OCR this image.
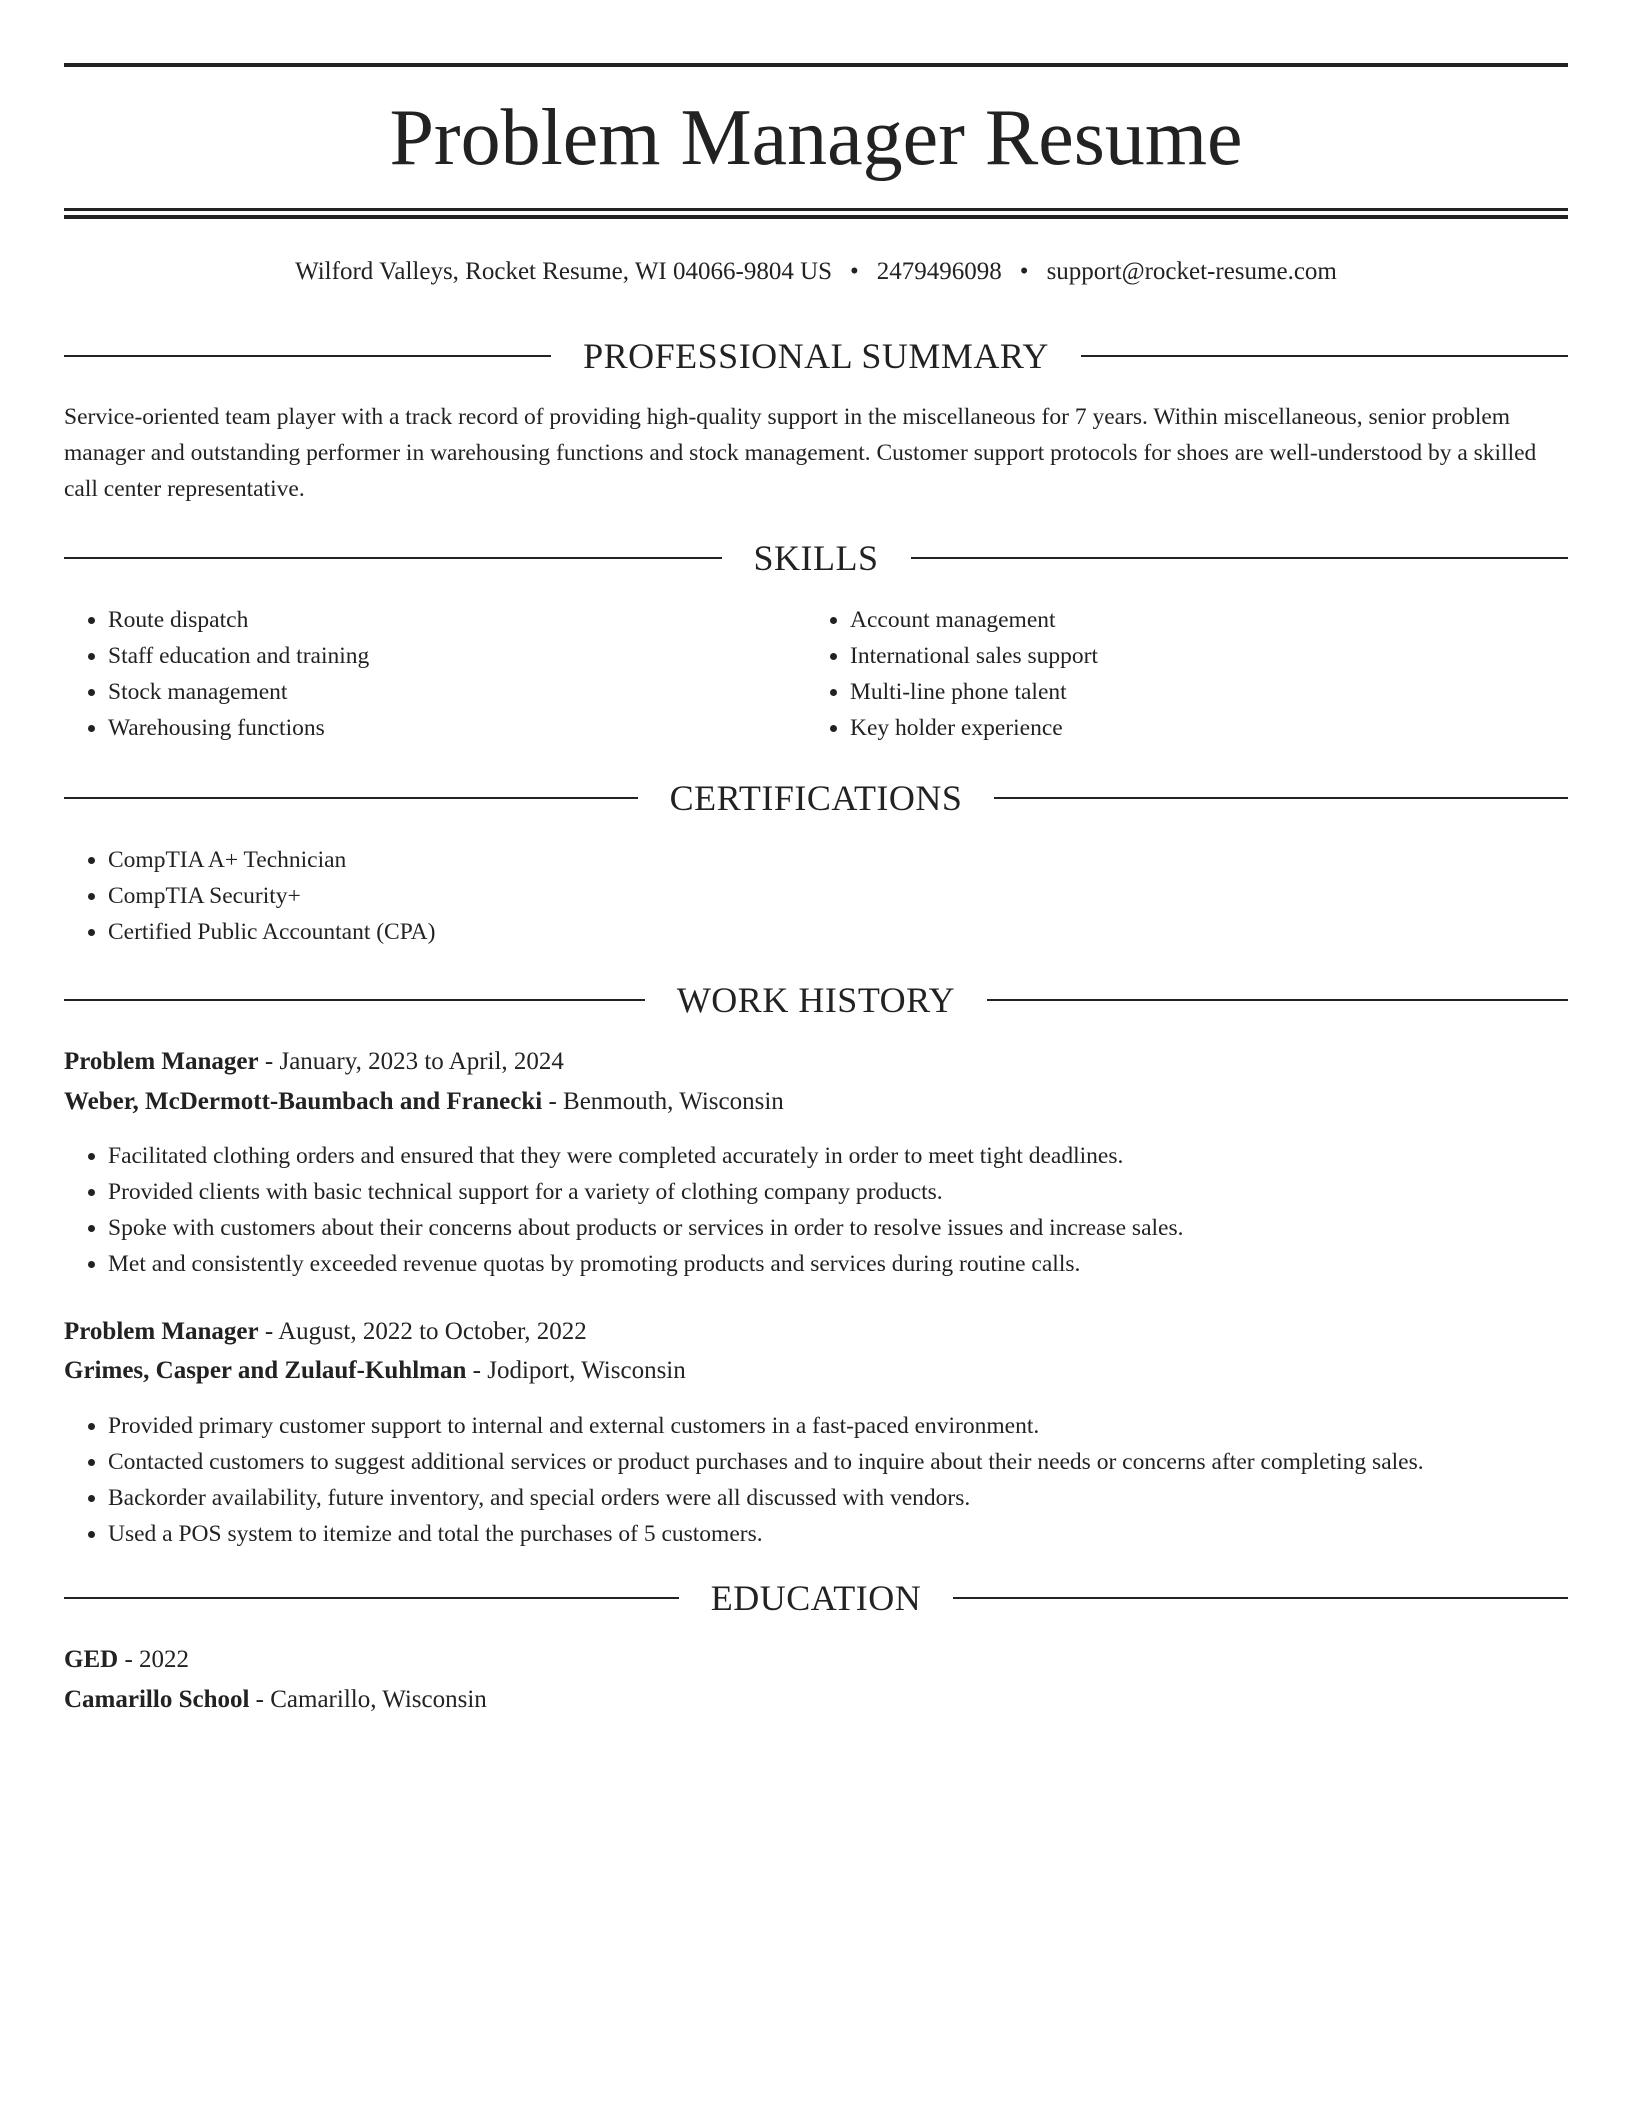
Problem Manager Resume
Wilford Valleys, Rocket Resume, WI 04066-9804 US • 2479496098 • support@rocket-resume.com
PROFESSIONAL SUMMARY

Service-oriented team player with a track record of providing high-quality support in the miscellaneous for 7 years. Within miscellaneous, senior problem manager and outstanding performer in warehousing functions and stock management. Customer support protocols for shoes are well-understood by a skilled call center representative.

SKILLS
• Route dispatch
• Staff education and training
• Stock management
• Warehousing functions
• Account management
• International sales support
• Multi-line phone talent
• Key holder experience
CERTIFICATIONS
• CompTIA A+ Technician
• CompTIA Security+
• Certified Public Accountant (CPA)
WORK HISTORY
Problem Manager - January, 2023 to April, 2024
Weber, McDermott-Baumbach and Franecki - Benmouth, Wisconsin
• Facilitated clothing orders and ensured that they were completed accurately in order to meet tight deadlines.
• Provided clients with basic technical support for a variety of clothing company products.
• Spoke with customers about their concerns about products or services in order to resolve issues and increase sales.
• Met and consistently exceeded revenue quotas by promoting products and services during routine calls.
Problem Manager - August, 2022 to October, 2022
Grimes, Casper and Zulauf-Kuhlman - Jodiport, Wisconsin
• Provided primary customer support to internal and external customers in a fast-paced environment.
• Contacted customers to suggest additional services or product purchases and to inquire about their needs or concerns after completing sales.
• Backorder availability, future inventory, and special orders were all discussed with vendors.
• Used a POS system to itemize and total the purchases of 5 customers.
EDUCATION
GED - 2022
Camarillo School - Camarillo, Wisconsin
